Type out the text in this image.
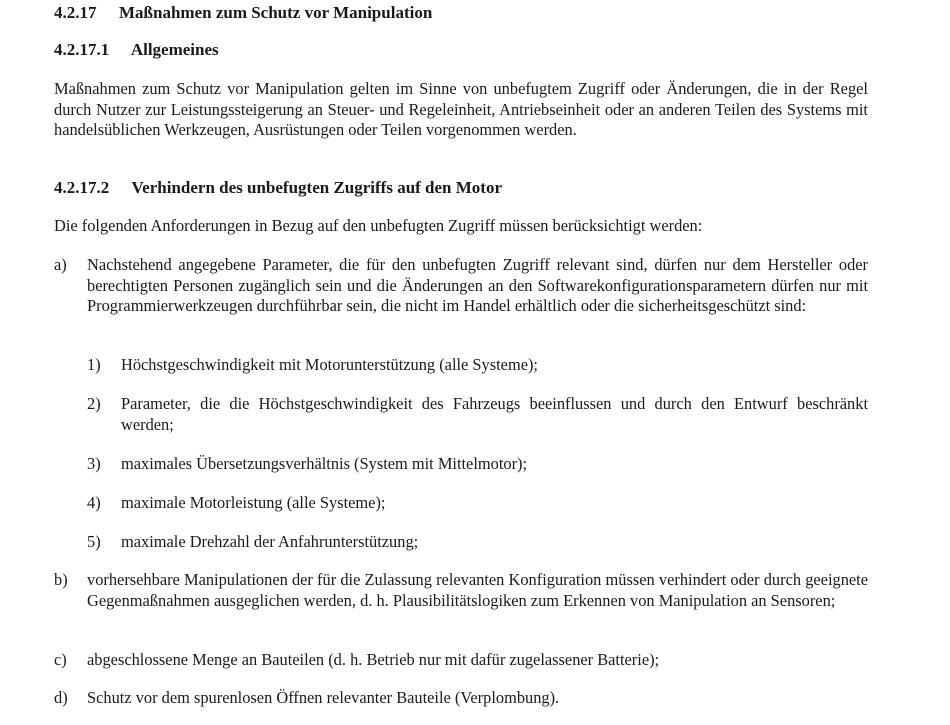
4.2.17 Maßnahmen zum Schutz vor Manipulation
4.2.17.1 Allgemeines
Maßnahmen zum Schutz vor Manipulation gelten im Sinne von unbefugtem Zugriff oder Änderungen, die in der Regel durch Nutzer zur Leistungssteigerung an Steuer- und Regeleinheit, Antriebseinheit oder an anderen Teilen des Systems mit handelsüblichen Werkzeugen, Ausrüstungen oder Teilen vorgenommen werden.
4.2.17.2 Verhindern des unbefugten Zugriffs auf den Motor
Die folgenden Anforderungen in Bezug auf den unbefugten Zugriff müssen berücksichtigt werden:
a) Nachstehend angegebene Parameter, die für den unbefugten Zugriff relevant sind, dürfen nur dem Hersteller oder berechtigten Personen zugänglich sein und die Änderungen an den Softwarekonfigurationsparametern dürfen nur mit Programmierwerkzeugen durchführbar sein, die nicht im Handel erhältlich oder die sicherheitsgeschützt sind:
1) Höchstgeschwindigkeit mit Motorunterstützung (alle Systeme);
2) Parameter, die die Höchstgeschwindigkeit des Fahrzeugs beeinflussen und durch den Entwurf beschränkt werden;
3) maximales Übersetzungsverhältnis (System mit Mittelmotor);
4) maximale Motorleistung (alle Systeme);
5) maximale Drehzahl der Anfahrunterstützung;
b) vorhersehbare Manipulationen der für die Zulassung relevanten Konfiguration müssen verhindert oder durch geeignete Gegenmaßnahmen ausgeglichen werden, d. h. Plausibilitätslogiken zum Erkennen von Manipulation an Sensoren;
c) abgeschlossene Menge an Bauteilen (d. h. Betrieb nur mit dafür zugelassener Batterie);
d) Schutz vor dem spurenlosen Öffnen relevanter Bauteile (Verplombung).
